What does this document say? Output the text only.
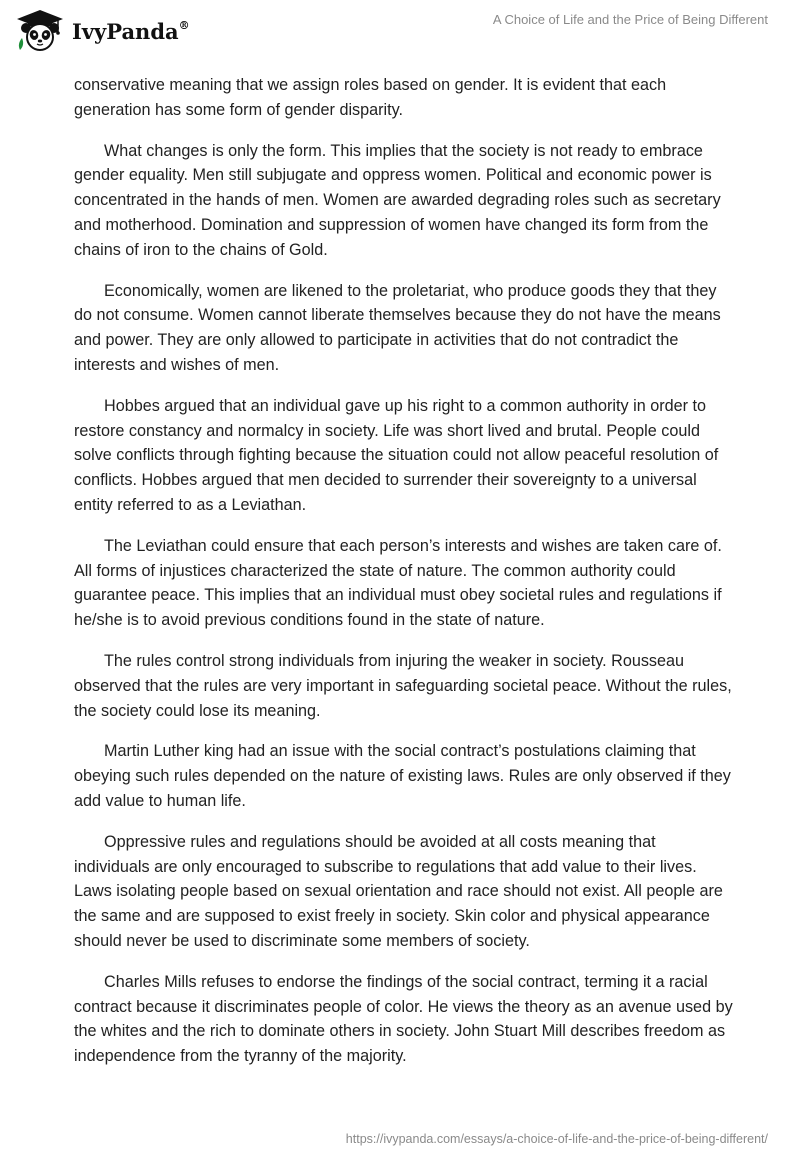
IvyPanda®	A Choice of Life and the Price of Being Different

conservative meaning that we assign roles based on gender. It is evident that each generation has some form of gender disparity.

What changes is only the form. This implies that the society is not ready to embrace gender equality. Men still subjugate and oppress women. Political and economic power is concentrated in the hands of men. Women are awarded degrading roles such as secretary and motherhood. Domination and suppression of women have changed its form from the chains of iron to the chains of Gold.

Economically, women are likened to the proletariat, who produce goods they that they do not consume. Women cannot liberate themselves because they do not have the means and power. They are only allowed to participate in activities that do not contradict the interests and wishes of men.

Hobbes argued that an individual gave up his right to a common authority in order to restore constancy and normalcy in society. Life was short lived and brutal. People could solve conflicts through fighting because the situation could not allow peaceful resolution of conflicts. Hobbes argued that men decided to surrender their sovereignty to a universal entity referred to as a Leviathan.

The Leviathan could ensure that each person’s interests and wishes are taken care of. All forms of injustices characterized the state of nature. The common authority could guarantee peace. This implies that an individual must obey societal rules and regulations if he/she is to avoid previous conditions found in the state of nature.

The rules control strong individuals from injuring the weaker in society. Rousseau observed that the rules are very important in safeguarding societal peace. Without the rules, the society could lose its meaning.

Martin Luther king had an issue with the social contract’s postulations claiming that obeying such rules depended on the nature of existing laws. Rules are only observed if they add value to human life.

Oppressive rules and regulations should be avoided at all costs meaning that individuals are only encouraged to subscribe to regulations that add value to their lives. Laws isolating people based on sexual orientation and race should not exist. All people are the same and are supposed to exist freely in society. Skin color and physical appearance should never be used to discriminate some members of society.

Charles Mills refuses to endorse the findings of the social contract, terming it a racial contract because it discriminates people of color. He views the theory as an avenue used by the whites and the rich to dominate others in society. John Stuart Mill describes freedom as independence from the tyranny of the majority.

https://ivypanda.com/essays/a-choice-of-life-and-the-price-of-being-different/
